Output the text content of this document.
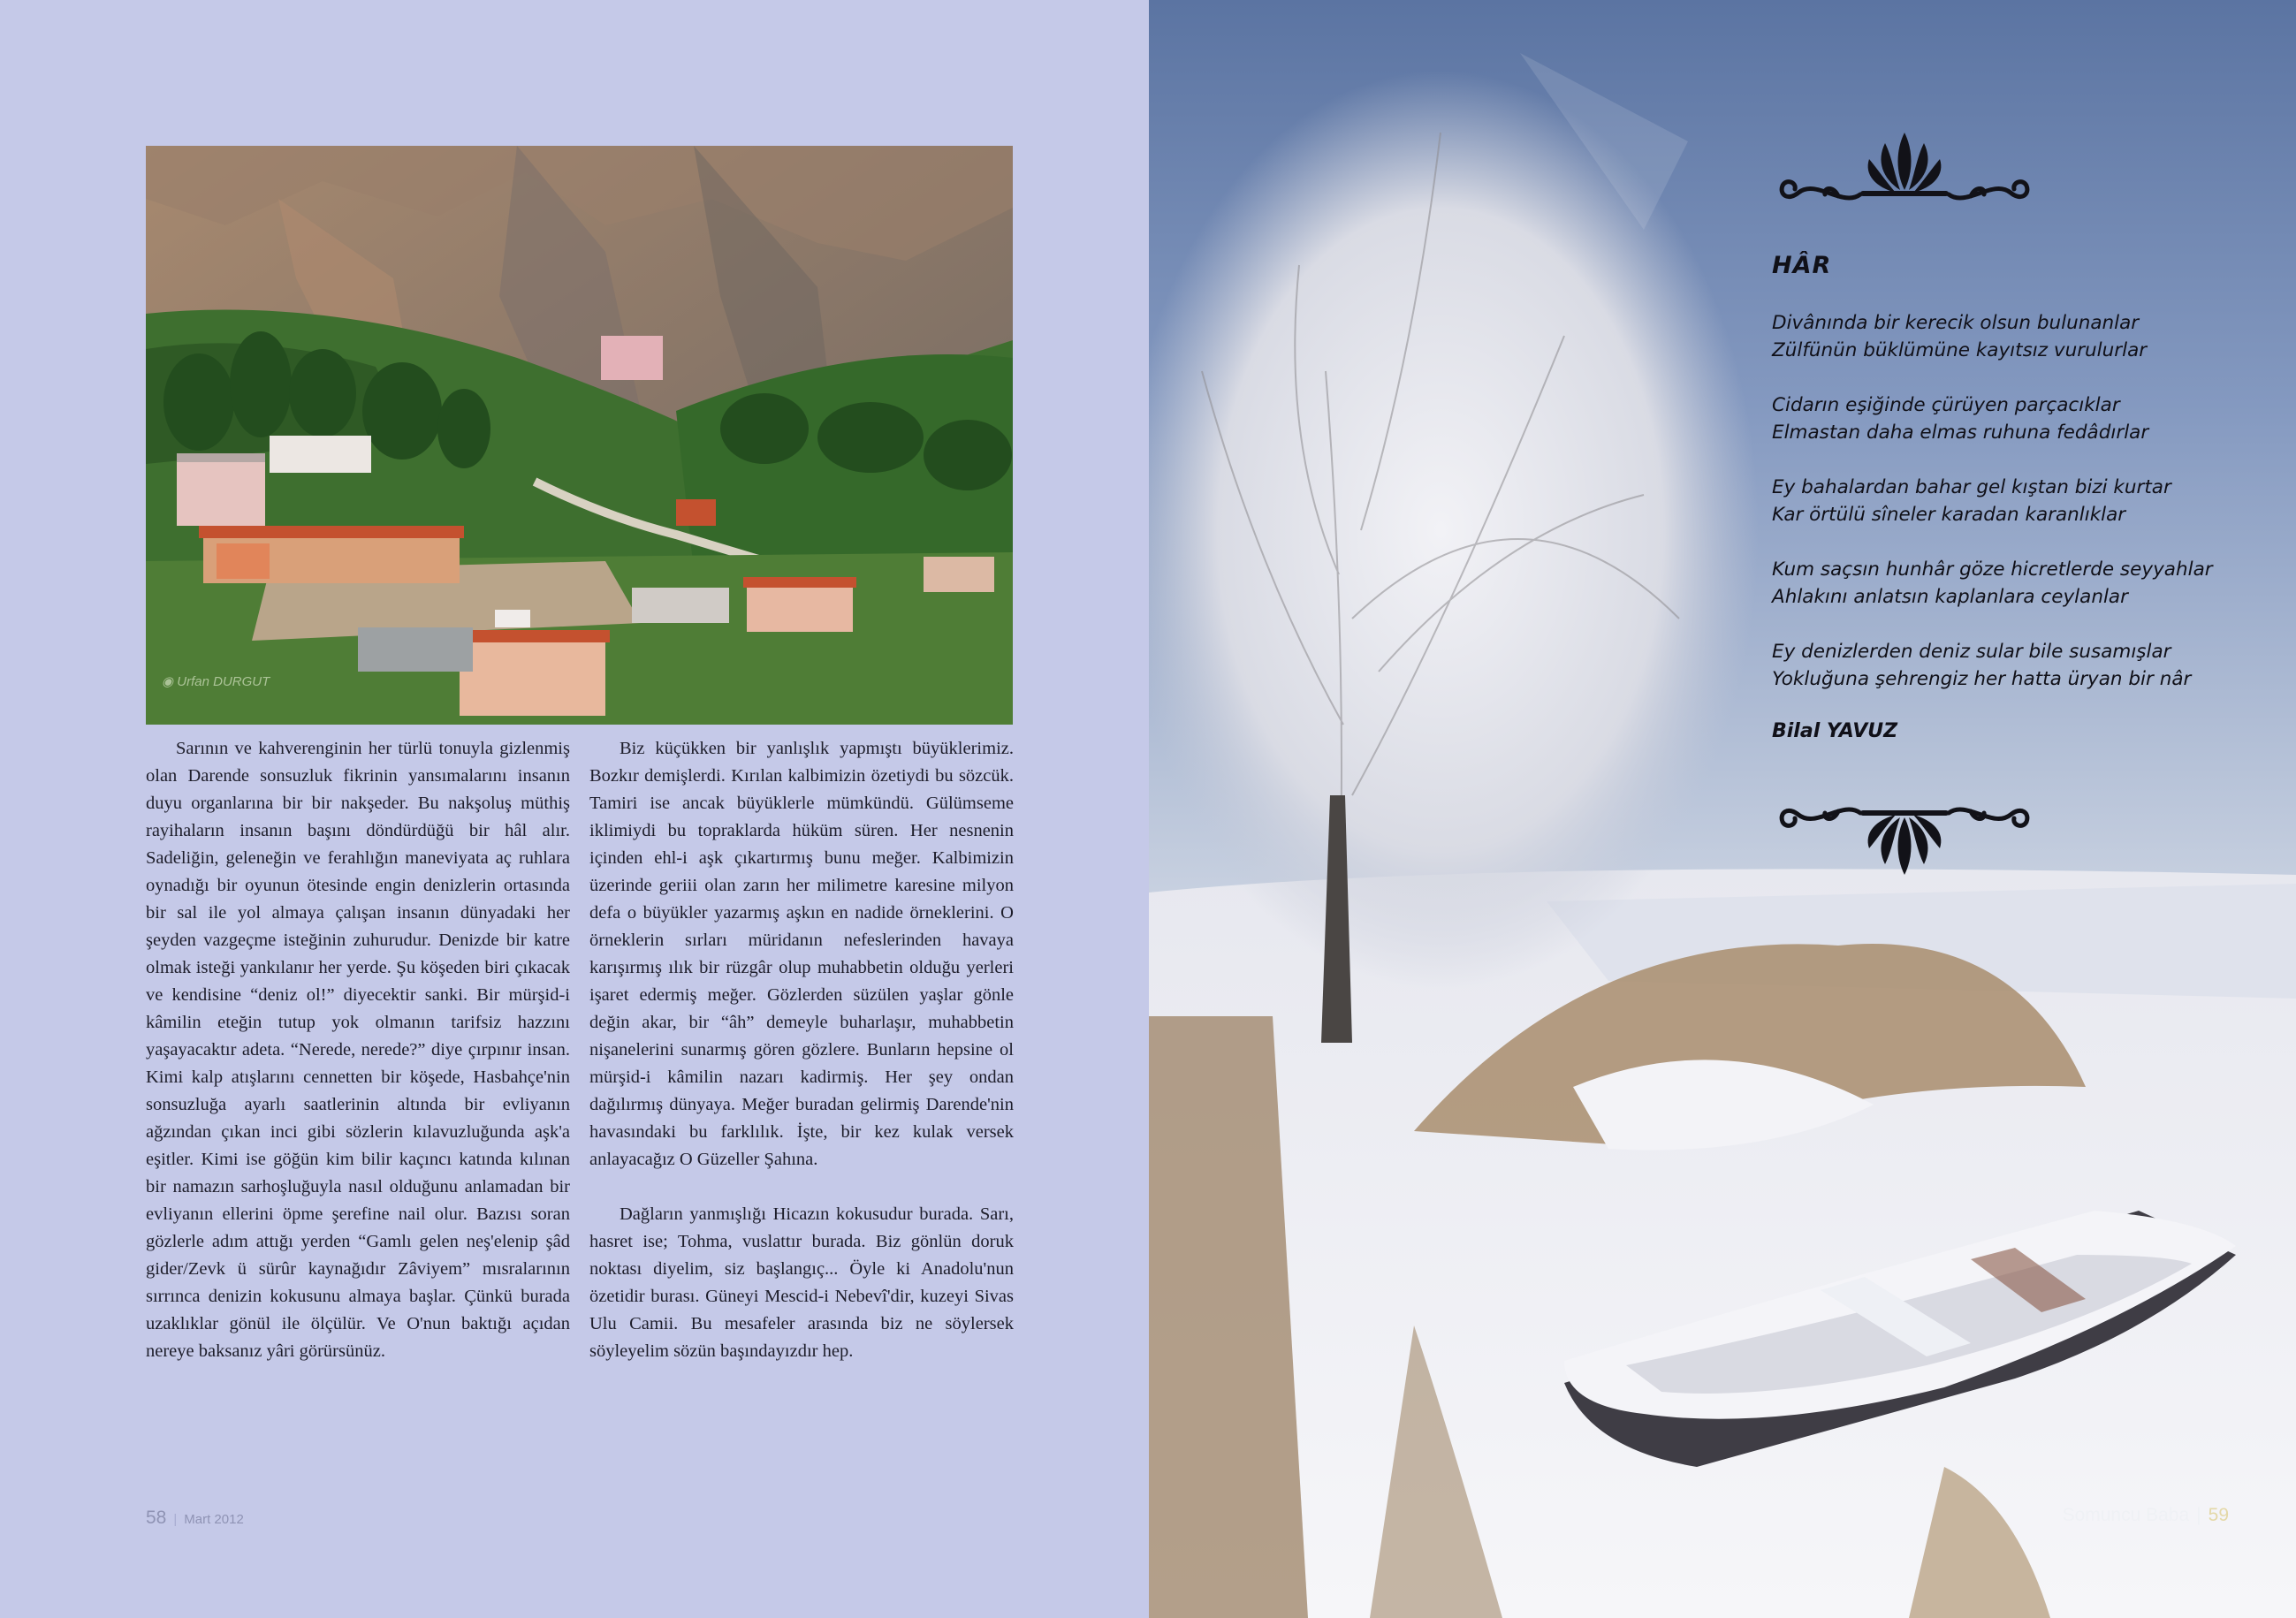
◉ Urfan DURGUT

Sarının ve kahverenginin her türlü tonuyla gizlenmiş olan Darende sonsuzluk fikrinin yansımalarını insanın duyu organlarına bir bir nakşeder. Bu nakşoluş müthiş rayihaların insanın başını döndürdüğü bir hâl alır. Sadeliğin, geleneğin ve ferahlığın maneviyata aç ruhlara oynadığı bir oyunun ötesinde engin denizlerin ortasında bir sal ile yol almaya çalışan insanın dünyadaki her şeyden vazgeçme isteğinin zuhurudur. Denizde bir katre olmak isteği yankılanır her yerde. Şu köşeden biri çıkacak ve kendisine “deniz ol!” diyecektir sanki. Bir mürşid-i kâmilin eteğin tutup yok olmanın tarifsiz hazzını yaşayacaktır adeta. “Nerede, nerede?” diye çırpınır insan. Kimi kalp atışlarını cennetten bir köşede, Hasbahçe'nin sonsuzluğa ayarlı saatlerinin altında bir evliyanın ağzından çıkan inci gibi sözlerin kılavuzluğunda aşk'a eşitler. Kimi ise göğün kim bilir kaçıncı katında kılınan bir namazın sarhoşluğuyla nasıl olduğunu anlamadan bir evliyanın ellerini öpme şerefine nail olur. Bazısı soran gözlerle adım attığı yerden “Gamlı gelen neş'elenip şâd gider/Zevk ü sürûr kaynağıdır Zâviyem” mısralarının sırrınca denizin kokusunu almaya başlar. Çünkü burada uzaklıklar gönül ile ölçülür. Ve O'nun baktığı açıdan nereye baksanız yâri görürsünüz.

Biz küçükken bir yanlışlık yapmıştı büyüklerimiz. Bozkır demişlerdi. Kırılan kalbimizin özetiydi bu sözcük. Tamiri ise ancak büyüklerle mümkündü. Gülümseme iklimiydi bu topraklarda hüküm süren. Her nesnenin içinden ehl-i aşk çıkartırmış bunu meğer. Kalbimizin üzerinde geriii olan zarın her milimetre karesine milyon defa o büyükler yazarmış aşkın en nadide örneklerini. O örneklerin sırları müridanın nefeslerinden havaya karışırmış ılık bir rüzgâr olup muhabbetin olduğu yerleri işaret edermiş meğer. Gözlerden süzülen yaşlar gönle değin akar, bir “âh” demeyle buharlaşır, muhabbetin nişanelerini sunarmış gören gözlere. Bunların hepsine ol mürşid-i kâmilin nazarı kadirmiş. Her şey ondan dağılırmış dünyaya. Meğer buradan gelirmiş Darende'nin havasındaki bu farklılık. İşte, bir kez kulak versek anlayacağız O Güzeller Şahına.

Dağların yanmışlığı Hicazın kokusudur burada. Sarı, hasret ise; Tohma, vuslattır burada. Biz gönlün doruk noktası diyelim, siz başlangıç... Öyle ki Anadolu'nun özetidir burası. Güneyi Mescid-i Nebevî'dir, kuzeyi Sivas Ulu Camii. Bu mesafeler arasında biz ne söylersek söyleyelim sözün başındayızdır hep.

58 | Mart 2012
HÂR
Divânında bir kerecik olsun bulunanlar
Zülfünün büklümüne kayıtsız vurulurlar
Cidarın eşiğinde çürüyen parçacıklar
Elmastan daha elmas ruhuna fedâdırlar
Ey bahalardan bahar gel kıştan bizi kurtar
Kar örtülü sîneler karadan karanlıklar
Kum saçsın hunhâr göze hicretlerde seyyahlar
Ahlakını anlatsın kaplanlara ceylanlar
Ey denizlerden deniz sular bile susamışlar
Yokluğuna şehrengiz her hatta üryan bir nâr
Bilal YAVUZ
Somuncu Baba | 59
